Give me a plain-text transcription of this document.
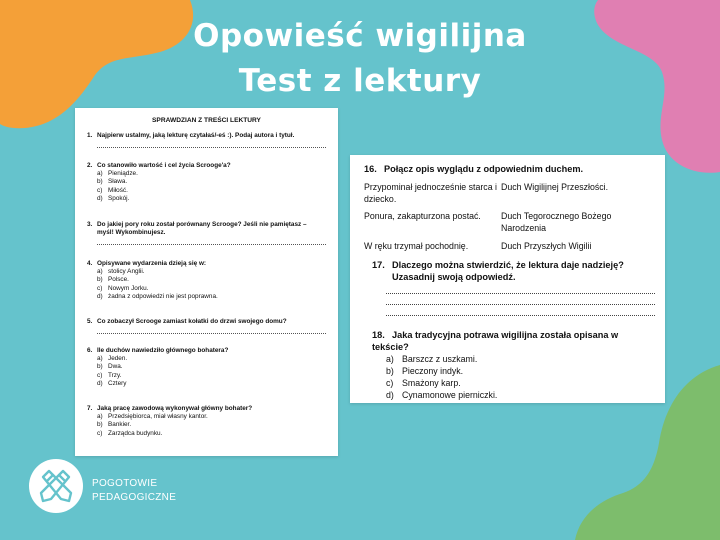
Opowieść wigilijna
Test z lektury
SPRAWDZIAN Z TREŚCI LEKTURY
1. Najpierw ustalmy, jaką lekturę czytałaś/-eś :). Podaj autora i tytuł.
2. Co stanowiło wartość i cel życia Scrooge'a?
a) Pieniądze.
b) Sława.
c) Miłość.
d) Spokój.
3. Do jakiej pory roku został porównany Scrooge? Jeśli nie pamiętasz – myśl! Wykombinujesz.
4. Opisywane wydarzenia dzieją się w:
a) stolicy Anglii.
b) Polsce.
c) Nowym Jorku.
d) żadna z odpowiedzi nie jest poprawna.
5. Co zobaczył Scrooge zamiast kołatki do drzwi swojego domu?
6. Ile duchów nawiedziło głównego bohatera?
a) Jeden.
b) Dwa.
c) Trzy.
d) Cztery
7. Jaką pracę zawodową wykonywał główny bohater?
a) Przedsiębiorca, miał własny kantor.
b) Bankier.
c) Zarządca budynku.
16. Połącz opis wyglądu z odpowiednim duchem.
Przypominał jednocześnie starca i dziecko.
Duch Wigilijnej Przeszłości.
Ponura, zakapturzona postać.	Duch Tegorocznego Bożego Narodzenia
W ręku trzymał pochodnię.	Duch Przyszłych Wigilii
17. Dlaczego można stwierdzić, że lektura daje nadzieję? Uzasadnij swoją odpowiedź.
18. Jaka tradycyjna potrawa wigilijna została opisana w tekście?
a) Barszcz z uszkami.
b) Pieczony indyk.
c) Smażony karp.
d) Cynamonowe pierniczki.
POGOTOWIE
PEDAGOGICZNE
